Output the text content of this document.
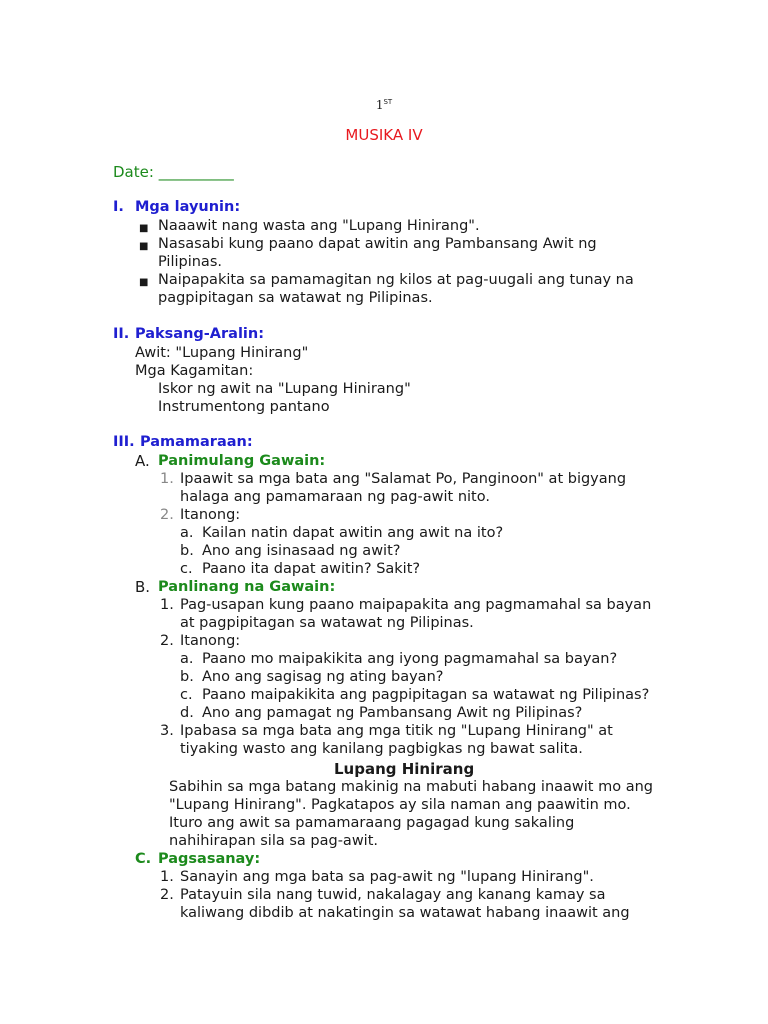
1ST
MUSIKA IV
Date: __________
I. Mga layunin:
■ Naaawit nang wasta ang "Lupang Hinirang".
■ Nasasabi kung paano dapat awitin ang Pambansang Awit ng
Pilipinas.
■ Naipapakita sa pamamagitan ng kilos at pag-uugali ang tunay na
pagpipitagan sa watawat ng Pilipinas.
II. Paksang-Aralin:
Awit: "Lupang Hinirang"
Mga Kagamitan:
Iskor ng awit na "Lupang Hinirang"
Instrumentong pantano
III. Pamamaraan:
A. Panimulang Gawain:
1. Ipaawit sa mga bata ang "Salamat Po, Panginoon" at bigyang
halaga ang pamamaraan ng pag-awit nito.
2. Itanong:
a. Kailan natin dapat awitin ang awit na ito?
b. Ano ang isinasaad ng awit?
c. Paano ita dapat awitin? Sakit?
B. Panlinang na Gawain:
1. Pag-usapan kung paano maipapakita ang pagmamahal sa bayan
at pagpipitagan sa watawat ng Pilipinas.
2. Itanong:
a. Paano mo maipakikita ang iyong pagmamahal sa bayan?
b. Ano ang sagisag ng ating bayan?
c. Paano maipakikita ang pagpipitagan sa watawat ng Pilipinas?
d. Ano ang pamagat ng Pambansang Awit ng Pilipinas?
3. Ipabasa sa mga bata ang mga titik ng "Lupang Hinirang" at
tiyaking wasto ang kanilang pagbigkas ng bawat salita.
Lupang Hinirang
Sabihin sa mga batang makinig na mabuti habang inaawit mo ang
"Lupang Hinirang". Pagkatapos ay sila naman ang paawitin mo.
Ituro ang awit sa pamamaraang pagagad kung sakaling
nahihirapan sila sa pag-awit.
C. Pagsasanay:
1. Sanayin ang mga bata sa pag-awit ng "lupang Hinirang".
2. Patayuin sila nang tuwid, nakalagay ang kanang kamay sa
kaliwang dibdib at nakatingin sa watawat habang inaawit ang
